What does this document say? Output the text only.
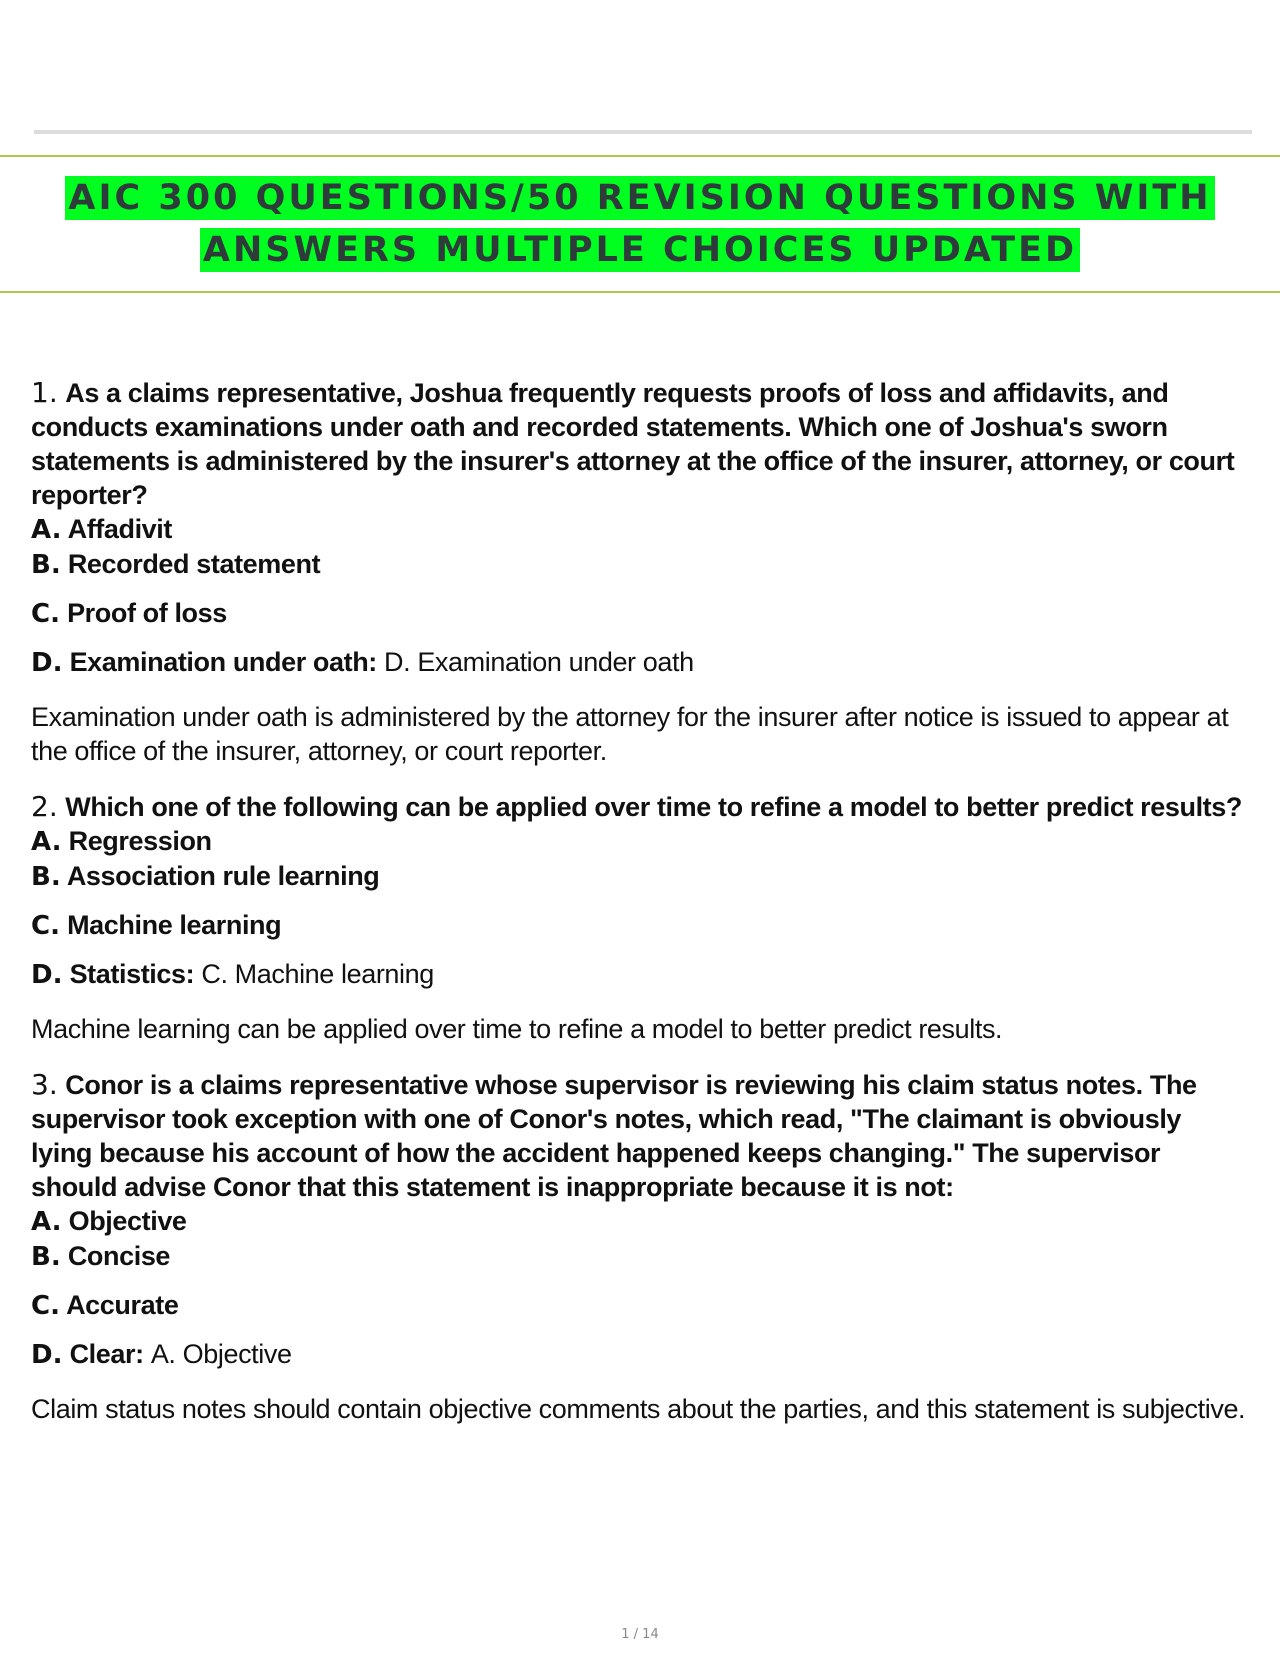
AIC 300 QUESTIONS/50 REVISION QUESTIONS WITH
ANSWERS MULTIPLE CHOICES UPDATED
1. As a claims representative, Joshua frequently requests proofs of loss and affidavits, and conducts examinations under oath and recorded statements. Which one of Joshua's sworn statements is administered by the insurer's attorney at the office of the insurer, attorney, or court reporter?
A. Affadivit
B. Recorded statement
C. Proof of loss
D. Examination under oath: D. Examination under oath
Examination under oath is administered by the attorney for the insurer after notice is issued to appear at the office of the insurer, attorney, or court reporter.
2. Which one of the following can be applied over time to refine a model to better predict results?
A. Regression
B. Association rule learning
C. Machine learning
D. Statistics: C. Machine learning
Machine learning can be applied over time to refine a model to better predict results.
3. Conor is a claims representative whose supervisor is reviewing his claim status notes. The supervisor took exception with one of Conor's notes, which read, "The claimant is obviously lying because his account of how the accident happened keeps changing." The supervisor should advise Conor that this statement is inappropriate because it is not:
A. Objective
B. Concise
C. Accurate
D. Clear: A. Objective
Claim status notes should contain objective comments about the parties, and this statement is subjective.
1 / 14
